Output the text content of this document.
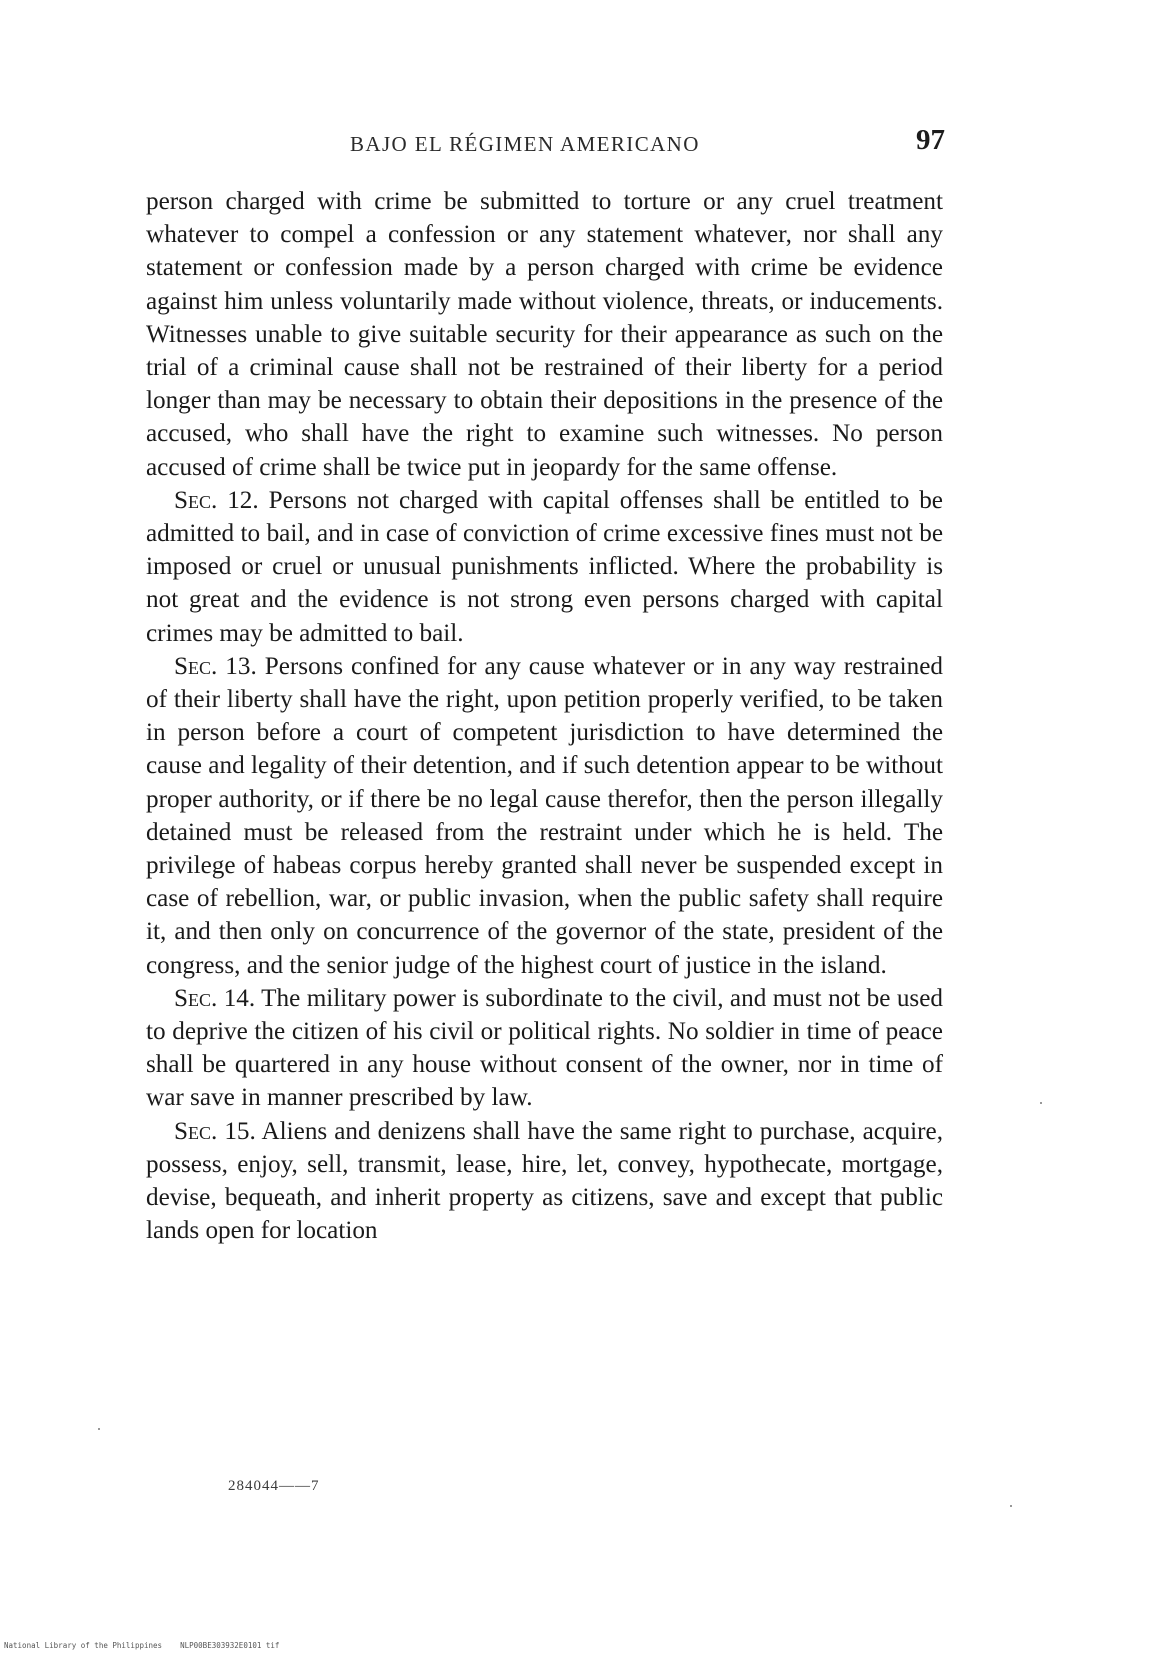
BAJO EL RÉGIMEN AMERICANO	97

person charged with crime be submitted to torture or any cruel treatment whatever to compel a confession or any statement whatever, nor shall any statement or confession made by a person charged with crime be evidence against him unless voluntarily made without violence, threats, or inducements. Witnesses unable to give suitable security for their appearance as such on the trial of a criminal cause shall not be restrained of their liberty for a period longer than may be necessary to obtain their depositions in the presence of the accused, who shall have the right to examine such witnesses. No person accused of crime shall be twice put in jeopardy for the same offense.

Sec. 12. Persons not charged with capital offenses shall be entitled to be admitted to bail, and in case of conviction of crime excessive fines must not be imposed or cruel or unusual punishments inflicted. Where the probability is not great and the evidence is not strong even persons charged with capital crimes may be admitted to bail.

Sec. 13. Persons confined for any cause whatever or in any way restrained of their liberty shall have the right, upon petition properly verified, to be taken in person before a court of competent jurisdiction to have determined the cause and legality of their detention, and if such detention appear to be without proper authority, or if there be no legal cause therefor, then the person illegally detained must be released from the restraint under which he is held. The privilege of habeas corpus hereby granted shall never be suspended except in case of rebellion, war, or public invasion, when the public safety shall require it, and then only on concurrence of the governor of the state, president of the congress, and the senior judge of the highest court of justice in the island.

Sec. 14. The military power is subordinate to the civil, and must not be used to deprive the citizen of his civil or political rights. No soldier in time of peace shall be quartered in any house without consent of the owner, nor in time of war save in manner prescribed by law.

Sec. 15. Aliens and denizens shall have the same right to purchase, acquire, possess, enjoy, sell, transmit, lease, hire, let, convey, hypothecate, mortgage, devise, bequeath, and inherit property as citizens, save and except that public lands open for location

284044——7
National Library of the Philippines    NLP00BE303932E0101 tif
